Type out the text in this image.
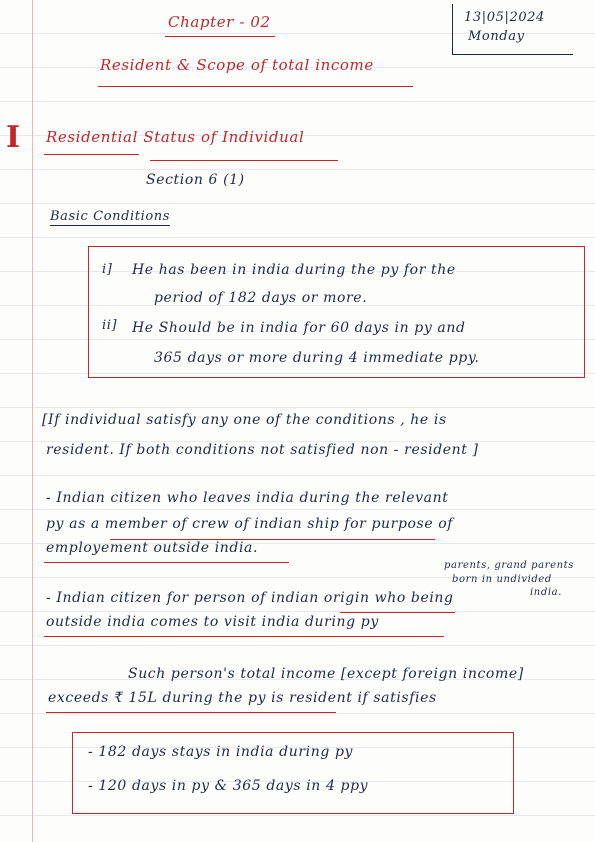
Chapter - 02	13|05|2024
Monday
Resident & Scope of total income
I Residential Status of Individual
Section 6 (1)
Basic Conditions
i] He has been in india during the py for the
period of 182 days or more.
ii] He Should be in india for 60 days in py and
365 days or more during 4 immediate ppy.
[If individual satisfy any one of the conditions , he is
resident. If both conditions not satisfied non - resident ]
- Indian citizen who leaves india during the relevant
py as a member of crew of indian ship for purpose of
employement outside india.
parents, grand parents
born in undivided
india.
- Indian citizen for person of indian origin who being
outside india comes to visit india during py
Such person's total income [except foreign income]
exceeds ₹ 15L during the py is resident if satisfies
- 182 days stays in india during py
- 120 days in py & 365 days in 4 ppy
